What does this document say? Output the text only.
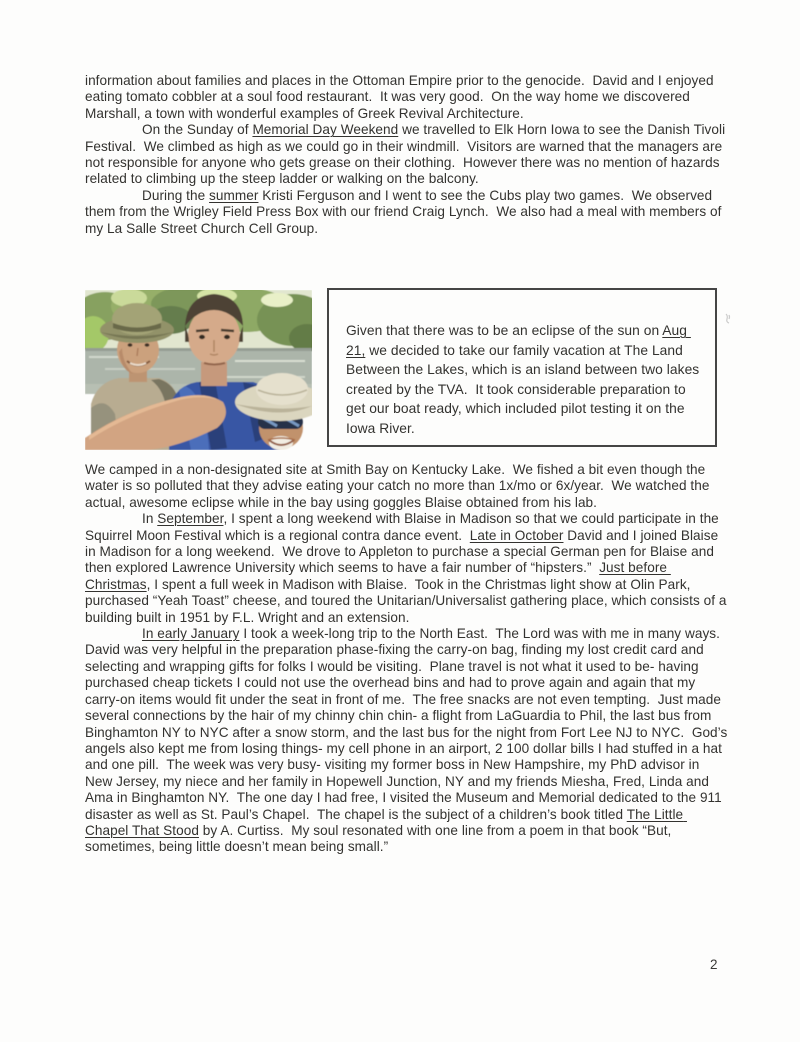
information about families and places in the Ottoman Empire prior to the genocide.  David and I enjoyed eating tomato cobbler at a soul food restaurant.  It was very good.  On the way home we discovered Marshall, a town with wonderful examples of Greek Revival Architecture.

On the Sunday of Memorial Day Weekend we travelled to Elk Horn Iowa to see the Danish Tivoli Festival.  We climbed as high as we could go in their windmill.  Visitors are warned that the managers are not responsible for anyone who gets grease on their clothing.  However there was no mention of hazards related to climbing up the steep ladder or walking on the balcony.

During the summer Kristi Ferguson and I went to see the Cubs play two games.  We observed them from the Wrigley Field Press Box with our friend Craig Lynch.  We also had a meal with members of my La Salle Street Church Cell Group.

Given that there was to be an eclipse of the sun on Aug 21, we decided to take our family vacation at The Land Between the Lakes, which is an island between two lakes created by the TVA.  It took considerable preparation to get our boat ready, which included pilot testing it on the Iowa River.

We camped in a non-designated site at Smith Bay on Kentucky Lake.  We fished a bit even though the water is so polluted that they advise eating your catch no more than 1x/mo or 6x/year.  We watched the actual, awesome eclipse while in the bay using goggles Blaise obtained from his lab.

In September, I spent a long weekend with Blaise in Madison so that we could participate in the Squirrel Moon Festival which is a regional contra dance event.  Late in October David and I joined Blaise in Madison for a long weekend.  We drove to Appleton to purchase a special German pen for Blaise and then explored Lawrence University which seems to have a fair number of “hipsters.”  Just before Christmas, I spent a full week in Madison with Blaise.  Took in the Christmas light show at Olin Park, purchased “Yeah Toast” cheese, and toured the Unitarian/Universalist gathering place, which consists of a building built in 1951 by F.L. Wright and an extension.

In early January I took a week-long trip to the North East.  The Lord was with me in many ways.  David was very helpful in the preparation phase-fixing the carry-on bag, finding my lost credit card and selecting and wrapping gifts for folks I would be visiting.  Plane travel is not what it used to be- having purchased cheap tickets I could not use the overhead bins and had to prove again and again that my carry-on items would fit under the seat in front of me.  The free snacks are not even tempting.  Just made several connections by the hair of my chinny chin chin- a flight from LaGuardia to Phil, the last bus from Binghamton NY to NYC after a snow storm, and the last bus for the night from Fort Lee NJ to NYC.  God’s angels also kept me from losing things- my cell phone in an airport, 2 100 dollar bills I had stuffed in a hat and one pill.  The week was very busy- visiting my former boss in New Hampshire, my PhD advisor in New Jersey, my niece and her family in Hopewell Junction, NY and my friends Miesha, Fred, Linda and Ama in Binghamton NY.  The one day I had free, I visited the Museum and Memorial dedicated to the 911 disaster as well as St. Paul’s Chapel.  The chapel is the subject of a children’s book titled The Little Chapel That Stood by A. Curtiss.  My soul resonated with one line from a poem in that book “But, sometimes, being little doesn’t mean being small.”

2
